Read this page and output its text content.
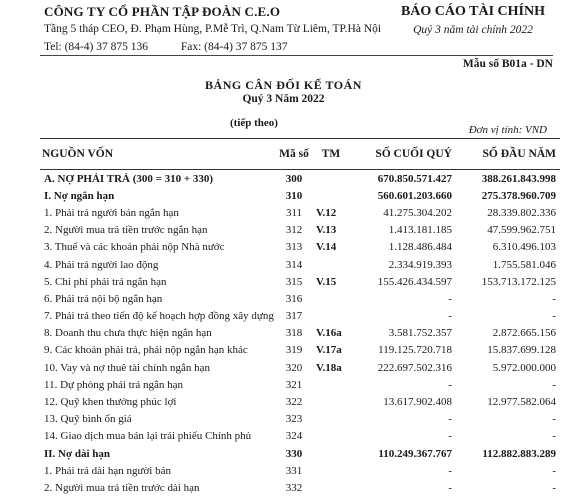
CÔNG TY CỔ PHẦN TẬP ĐOÀN C.E.O
Tầng 5 tháp CEO, Đ. Phạm Hùng, P.Mễ Trì, Q.Nam Từ Liêm, TP.Hà Nội
Tel: (84-4) 37 875 136	Fax: (84-4) 37 875 137
BÁO CÁO TÀI CHÍNH
Quý 3 năm tài chính 2022
Mẫu số B01a - DN
BẢNG CÂN ĐỐI KẾ TOÁN
Quý 3 Năm 2022
(tiếp theo)
Đơn vị tính: VND
NGUỒN VỐN	Mã số	TM	SỐ CUỐI QUÝ	SỐ ĐẦU NĂM
A. NỢ PHẢI TRẢ (300 = 310 + 330)	300		670.850.571.427	388.261.843.998
I. Nợ ngắn hạn	310		560.601.203.660	275.378.960.709
1. Phải trả người bán ngắn hạn	311	V.12	41.275.304.202	28.339.802.336
2. Người mua trả tiền trước ngắn hạn	312	V.13	1.413.181.185	47.599.962.751
3. Thuế và các khoản phải nộp Nhà nước	313	V.14	1.128.486.484	6.310.496.103
4. Phải trả người lao động	314		2.334.919.393	1.755.581.046
5. Chi phí phải trả ngắn hạn	315	V.15	155.426.434.597	153.713.172.125
6. Phải trả nội bộ ngắn hạn	316		-	-
7. Phải trả theo tiến độ kế hoạch hợp đồng xây dựng	317		-	-
8. Doanh thu chưa thực hiện ngắn hạn	318	V.16a	3.581.752.357	2.872.665.156
9. Các khoản phải trả, phải nộp ngắn hạn khác	319	V.17a	119.125.720.718	15.837.699.128
10. Vay và nợ thuê tài chính ngắn hạn	320	V.18a	222.697.502.316	5.972.000.000
11. Dự phòng phải trả ngắn hạn	321		-	-
12. Quỹ khen thưởng phúc lợi	322		13.617.902.408	12.977.582.064
13. Quỹ bình ổn giá	323		-	-
14. Giao dịch mua bán lại trái phiếu Chính phủ	324		-	-
II. Nợ dài hạn	330		110.249.367.767	112.882.883.289
1. Phải trả dài hạn người bán	331		-	-
2. Người mua trả tiền trước dài hạn	332		-	-
